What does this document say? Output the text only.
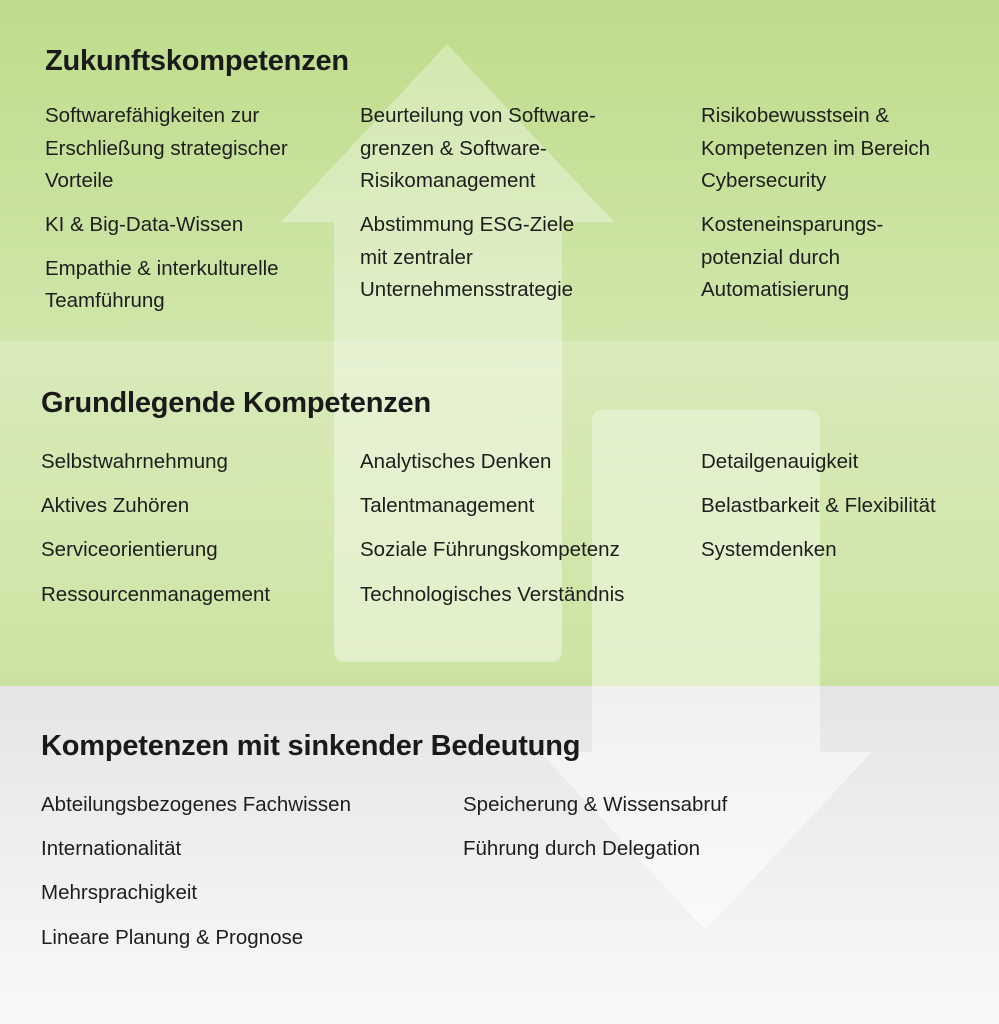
Zukunftskompetenzen

Softwarefähigkeiten zur

Erschließung strategischer

Vorteile

KI & Big-Data-Wissen

Empathie & interkulturelle

Teamführung

Beurteilung von Software-

grenzen & Software-

Risikomanagement

Abstimmung ESG-Ziele

mit zentraler

Unternehmensstrategie

Risikobewusstsein &

Kompetenzen im Bereich

Cybersecurity

Kosteneinsparungs-

potenzial durch

Automatisierung

Grundlegende Kompetenzen

Selbstwahrnehmung

Aktives Zuhören

Serviceorientierung

Ressourcenmanagement

Analytisches Denken

Talentmanagement

Soziale Führungskompetenz

Technologisches Verständnis

Detailgenauigkeit

Belastbarkeit & Flexibilität

Systemdenken

Kompetenzen mit sinkender Bedeutung

Abteilungsbezogenes Fachwissen

Internationalität

Mehrsprachigkeit

Lineare Planung & Prognose

Speicherung & Wissensabruf

Führung durch Delegation
